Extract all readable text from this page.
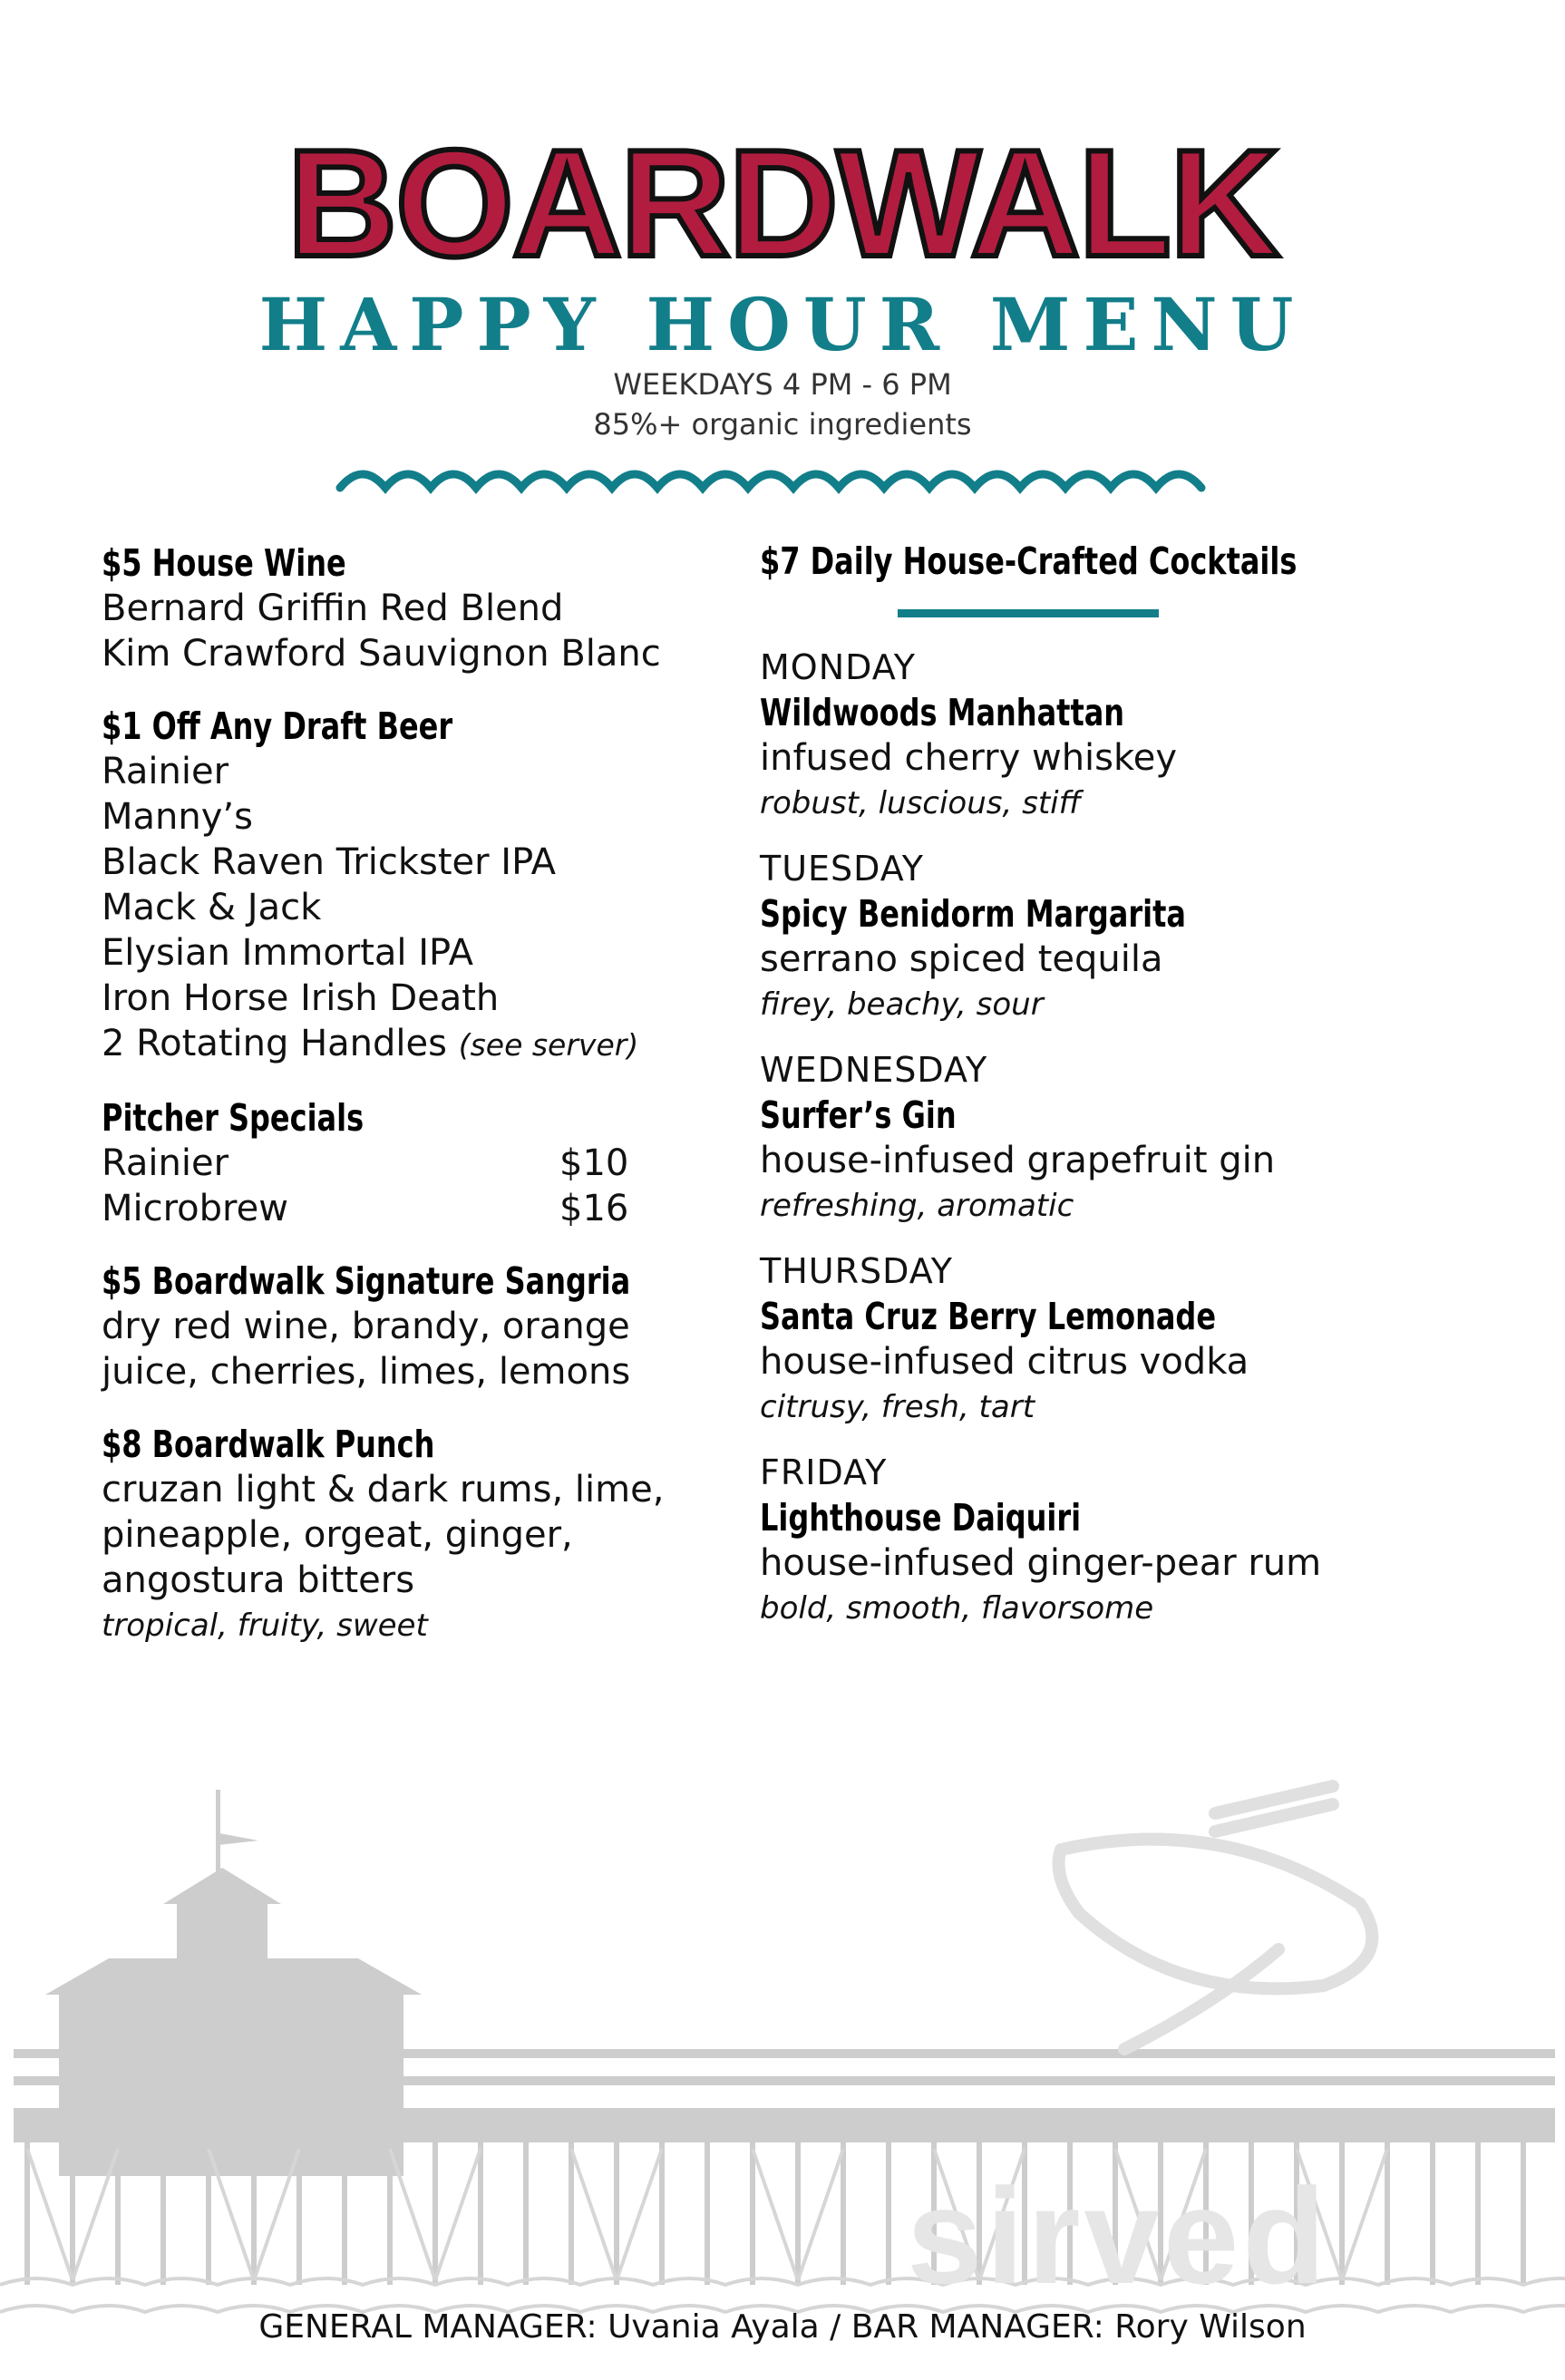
BOARDWALK
HAPPY HOUR MENU
WEEKDAYS 4 PM - 6 PM
85%+ organic ingredients
sirved
$5 House Wine
Bernard Griffin Red Blend
Kim Crawford Sauvignon Blanc
$1 Off Any Draft Beer
Rainier
Manny’s
Black Raven Trickster IPA
Mack & Jack
Elysian Immortal IPA
Iron Horse Irish Death
2 Rotating Handles (see server)
Pitcher Specials
Rainier	$10
Microbrew	$16
$5 Boardwalk Signature Sangria
dry red wine, brandy, orange
juice, cherries, limes, lemons
$8 Boardwalk Punch
cruzan light & dark rums, lime,
pineapple, orgeat, ginger,
angostura bitters
tropical, fruity, sweet
$7 Daily House-Crafted Cocktails
MONDAY
Wildwoods Manhattan
infused cherry whiskey
robust, luscious, stiff
TUESDAY
Spicy Benidorm Margarita
serrano spiced tequila
firey, beachy, sour
WEDNESDAY
Surfer’s Gin
house-infused grapefruit gin
refreshing, aromatic
THURSDAY
Santa Cruz Berry Lemonade
house-infused citrus vodka
citrusy, fresh, tart
FRIDAY
Lighthouse Daiquiri
house-infused ginger-pear rum
bold, smooth, flavorsome
GENERAL MANAGER: Uvania Ayala / BAR MANAGER: Rory Wilson
